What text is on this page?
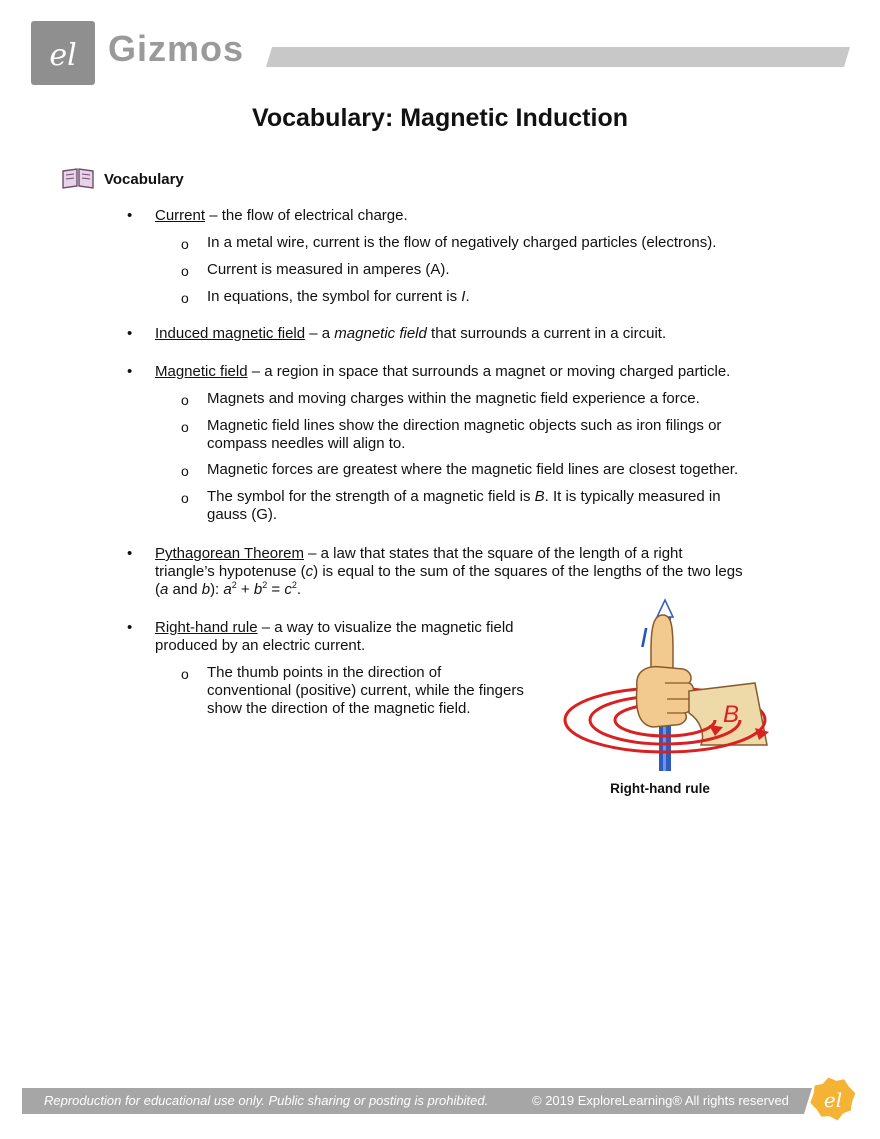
el Gizmos
Vocabulary: Magnetic Induction
Vocabulary
• Current – the flow of electrical charge.
o In a metal wire, current is the flow of negatively charged particles (electrons).
o Current is measured in amperes (A).
o In equations, the symbol for current is I.
• Induced magnetic field – a magnetic field that surrounds a current in a circuit.
• Magnetic field – a region in space that surrounds a magnet or moving charged particle.
o Magnets and moving charges within the magnetic field experience a force.
o Magnetic field lines show the direction magnetic objects such as iron filings or
compass needles will align to.
o Magnetic forces are greatest where the magnetic field lines are closest together.
o The symbol for the strength of a magnetic field is B. It is typically measured in
gauss (G).
• Pythagorean Theorem – a law that states that the square of the length of a right
triangle’s hypotenuse (c) is equal to the sum of the squares of the lengths of the two legs
(a and b): $a^2 + b^2 = c^2$.
• Right-hand rule – a way to visualize the magnetic field
produced by an electric current.
o The thumb points in the direction of
conventional (positive) current, while the fingers
show the direction of the magnetic field.
I
B
Right-hand rule
Reproduction for educational use only. Public sharing or posting is prohibited.	© 2019 ExploreLearning® All rights reserved el
